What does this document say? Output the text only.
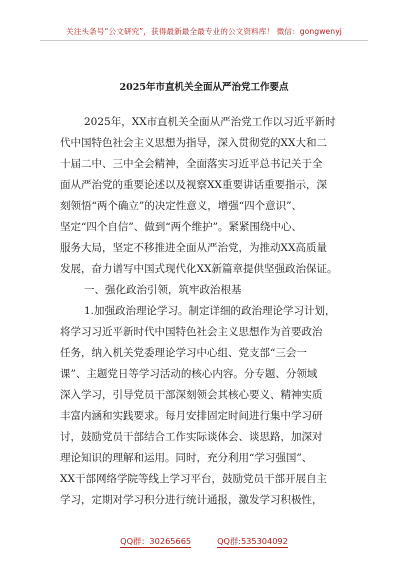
关注头条号“公文研究”，获得最新最全最专业的公文资料库！ 微信：gongwenyj
2025年市直机关全面从严治党工作要点
2025年，XX市直机关全面从严治党工作以习近平新时
代中国特色社会主义思想为指导，深入贯彻党的XX大和二
十届二中、三中全会精神，全面落实习近平总书记关于全
面从严治党的重要论述以及视察XX重要讲话重要指示，深
刻领悟“两个确立”的决定性意义，增强“四个意识”、
坚定“四个自信”、做到“两个维护”。紧紧围绕中心、
服务大局，坚定不移推进全面从严治党，为推动XX高质量
发展，奋力谱写中国式现代化XX新篇章提供坚强政治保证。
一、强化政治引领，筑牢政治根基
1.加强政治理论学习。制定详细的政治理论学习计划，
将学习习近平新时代中国特色社会主义思想作为首要政治
任务，纳入机关党委理论学习中心组、党支部“三会一
课”、主题党日等学习活动的核心内容。分专题、分领域
深入学习，引导党员干部深刻领会其核心要义、精神实质
丰富内涵和实践要求。每月安排固定时间进行集中学习研
讨，鼓励党员干部结合工作实际谈体会、谈思路，加深对
理论知识的理解和运用。同时，充分利用“学习强国”、
XX干部网络学院等线上学习平台，鼓励党员干部开展自主
学习，定期对学习积分进行统计通报，激发学习积极性，
QQ群：30265665	QQ群:535304092
